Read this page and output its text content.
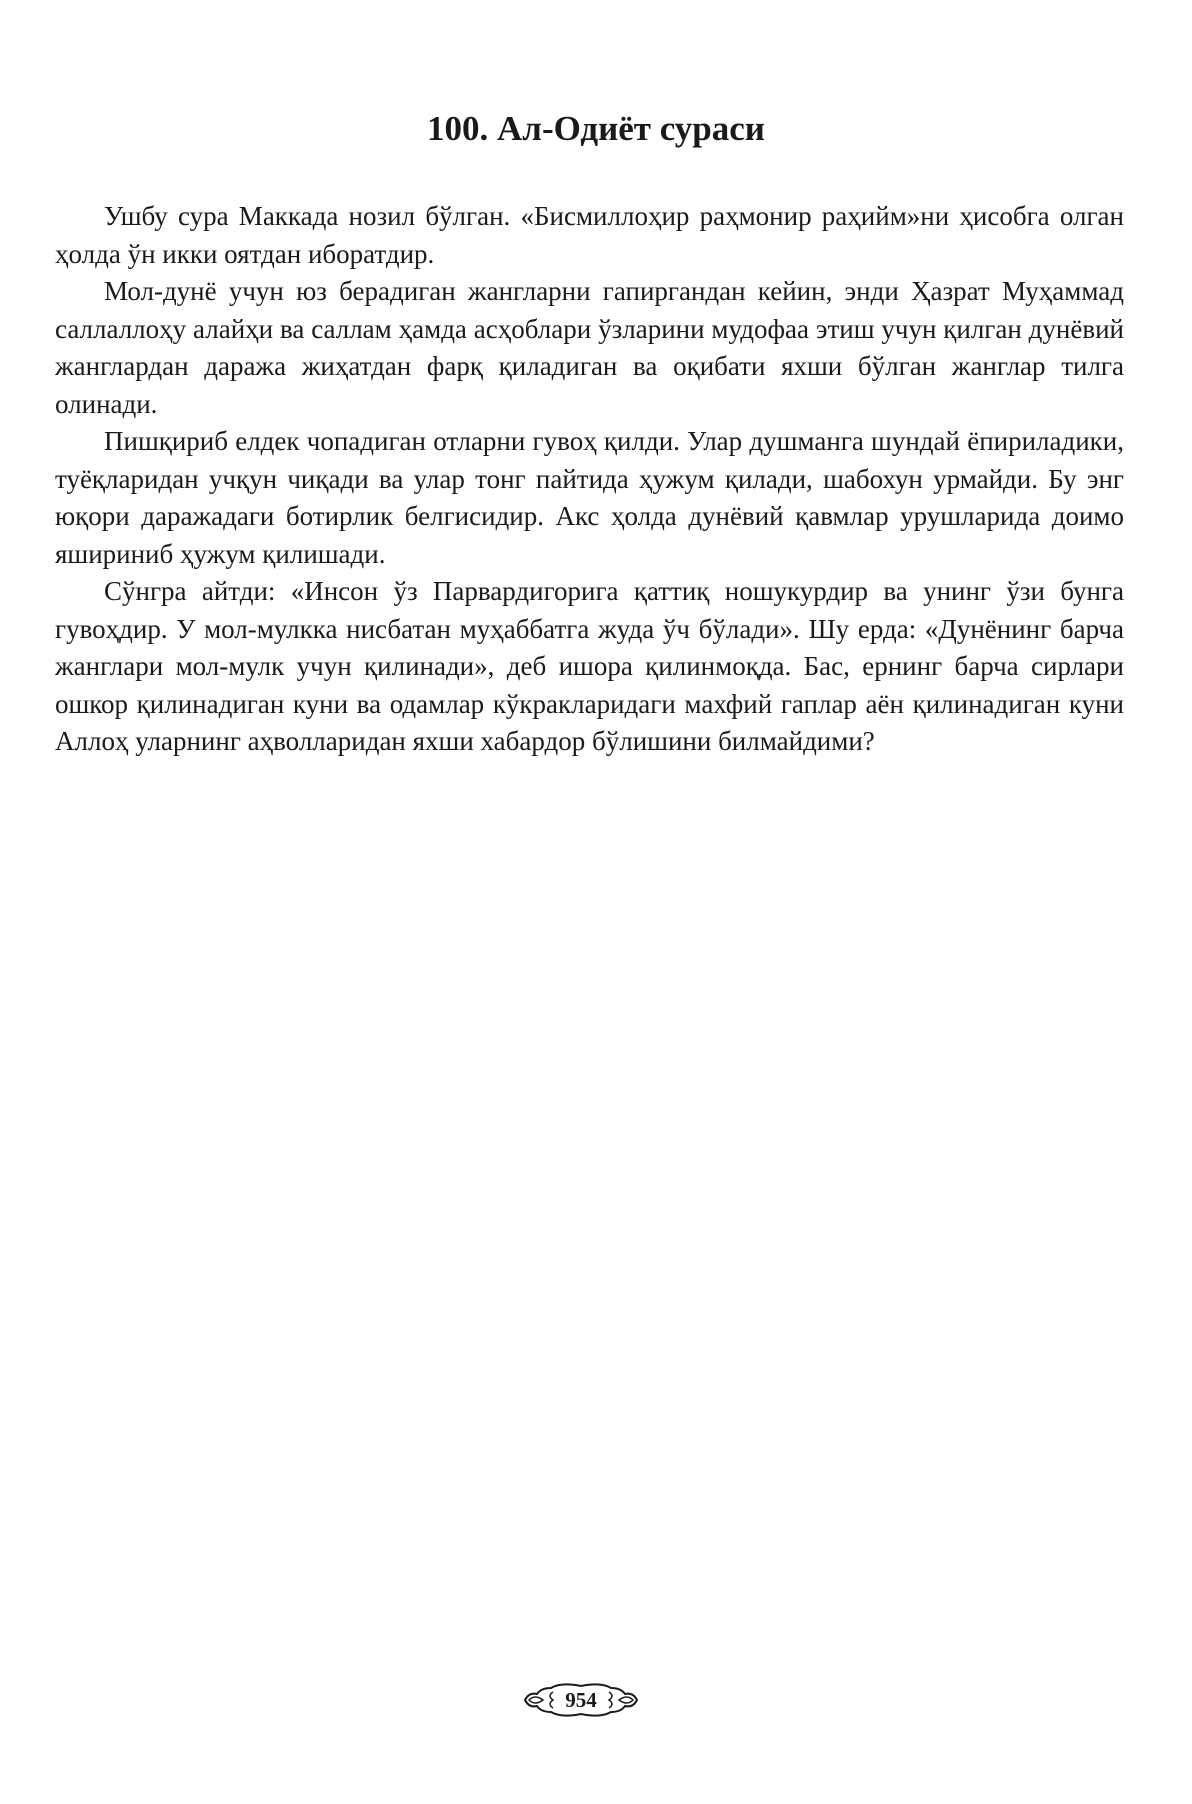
100. Ал-Одиёт сураси

Ушбу сура Маккада нозил бўлган. «Бисмиллоҳир раҳмонир раҳийм»ни ҳисобга олган ҳолда ўн икки оятдан иборатдир.

Мол-дунё учун юз берадиган жангларни гапиргандан кейин, энди Ҳазрат Муҳаммад саллаллоҳу алайҳи ва саллам ҳамда асҳоблари ўзларини мудофаа этиш учун қилган дунёвий жанглардан даража жиҳатдан фарқ қиладиган ва оқибати яхши бўлган жанглар тилга олинади.

Пишқириб елдек чопадиган отларни гувоҳ қилди. Улар душманга шундай ёпириладики, туёқларидан учқун чиқади ва улар тонг пайтида ҳужум қилади, шабохун урмайди. Бу энг юқори даражадаги ботирлик белгисидир. Акс ҳолда дунёвий қавмлар урушларида доимо яшириниб ҳужум қилишади.

Сўнгра айтди: «Инсон ўз Парвардигорига қаттиқ ношукурдир ва унинг ўзи бунга гувоҳдир. У мол-мулкка нисбатан муҳаббатга жуда ўч бўлади». Шу ерда: «Дунёнинг барча жанглари мол-мулк учун қилинади», деб ишора қилинмоқда. Бас, ернинг барча сирлари ошкор қилинадиган куни ва одамлар кўкракларидаги махфий гаплар аён қилинадиган куни Аллоҳ уларнинг аҳволларидан яхши хабардор бўлишини билмайдими?

954
